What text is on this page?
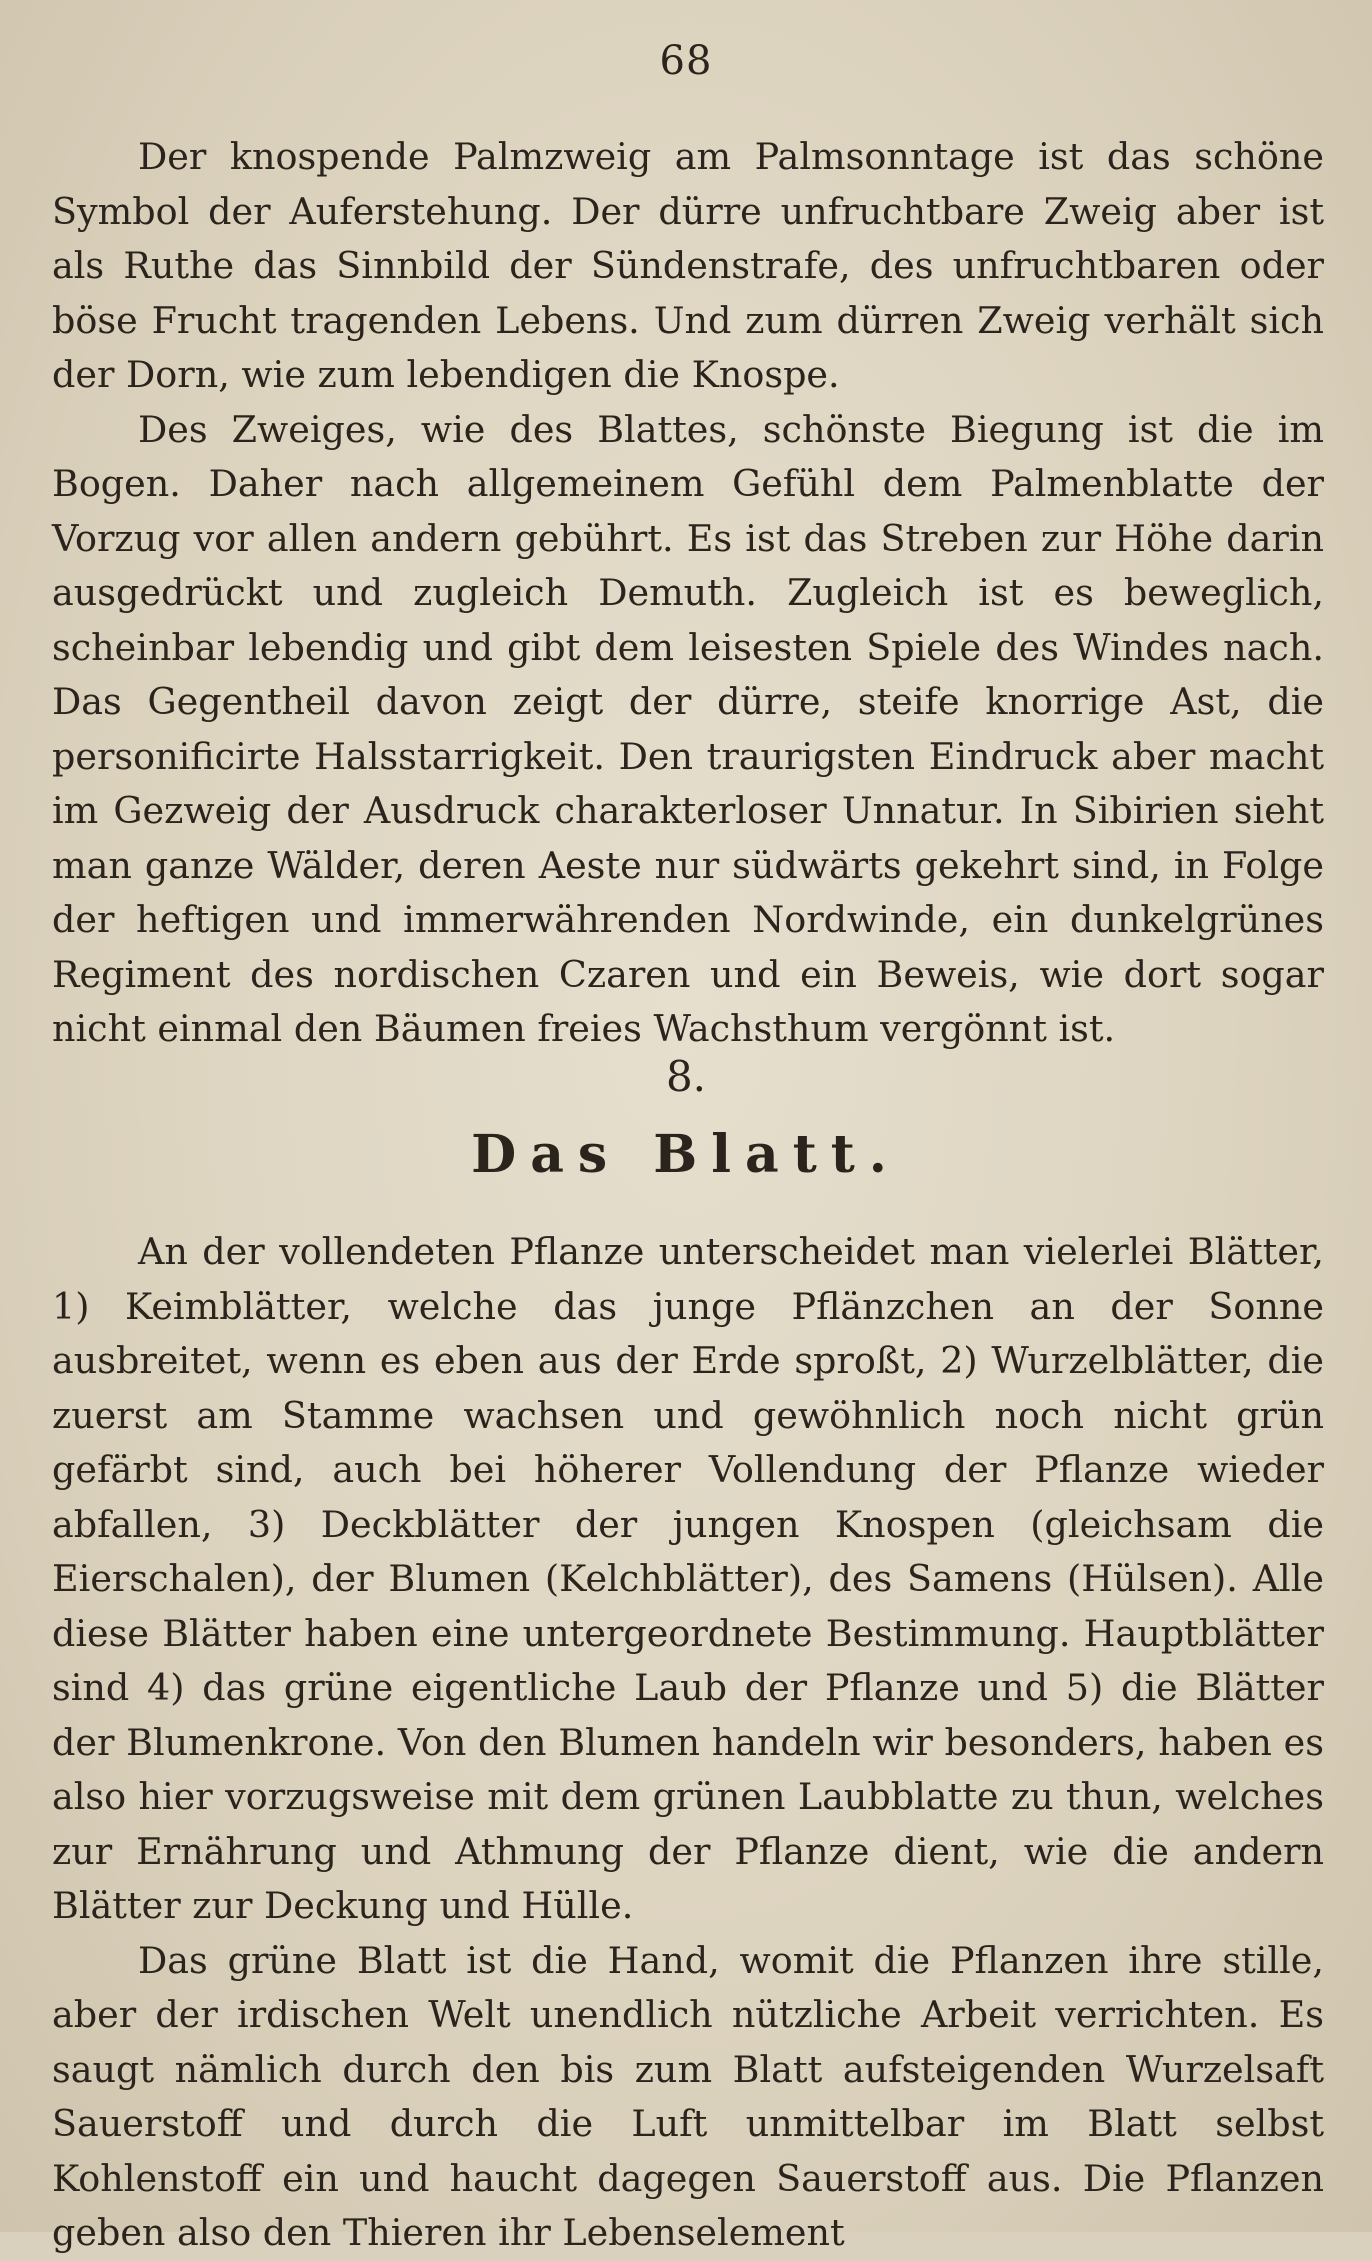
68

Der knospende Palmzweig am Palmsonntage ist das schöne Symbol der Auferstehung. Der dürre unfruchtbare Zweig aber ist als Ruthe das Sinnbild der Sündenstrafe, des unfruchtbaren oder böse Frucht tragenden Lebens. Und zum dürren Zweig verhält sich der Dorn, wie zum lebendigen die Knospe.

Des Zweiges, wie des Blattes, schönste Biegung ist die im Bogen. Daher nach allgemeinem Gefühl dem Palmenblatte der Vorzug vor allen andern gebührt. Es ist das Streben zur Höhe darin ausgedrückt und zugleich Demuth. Zugleich ist es beweglich, scheinbar lebendig und gibt dem leisesten Spiele des Windes nach. Das Gegentheil davon zeigt der dürre, steife knorrige Ast, die personificirte Halsstarrigkeit. Den traurigsten Eindruck aber macht im Gezweig der Ausdruck charakterloser Unnatur. In Sibirien sieht man ganze Wälder, deren Aeste nur südwärts gekehrt sind, in Folge der heftigen und immerwährenden Nordwinde, ein dunkelgrünes Regiment des nordischen Czaren und ein Beweis, wie dort sogar nicht einmal den Bäumen freies Wachsthum vergönnt ist.

8.
Das Blatt.

An der vollendeten Pflanze unterscheidet man vielerlei Blätter, 1) Keimblätter, welche das junge Pflänzchen an der Sonne ausbreitet, wenn es eben aus der Erde sproßt, 2) Wurzelblätter, die zuerst am Stamme wachsen und gewöhnlich noch nicht grün gefärbt sind, auch bei höherer Vollendung der Pflanze wieder abfallen, 3) Deckblätter der jungen Knospen (gleichsam die Eierschalen), der Blumen (Kelchblätter), des Samens (Hülsen). Alle diese Blätter haben eine untergeordnete Bestimmung. Hauptblätter sind 4) das grüne eigentliche Laub der Pflanze und 5) die Blätter der Blumenkrone. Von den Blumen handeln wir besonders, haben es also hier vorzugsweise mit dem grünen Laubblatte zu thun, welches zur Ernährung und Athmung der Pflanze dient, wie die andern Blätter zur Deckung und Hülle.

Das grüne Blatt ist die Hand, womit die Pflanzen ihre stille, aber der irdischen Welt unendlich nützliche Arbeit verrichten. Es saugt nämlich durch den bis zum Blatt aufsteigenden Wurzelsaft Sauerstoff und durch die Luft unmittelbar im Blatt selbst Kohlenstoff ein und haucht dagegen Sauerstoff aus. Die Pflanzen geben also den Thieren ihr Lebenselement
